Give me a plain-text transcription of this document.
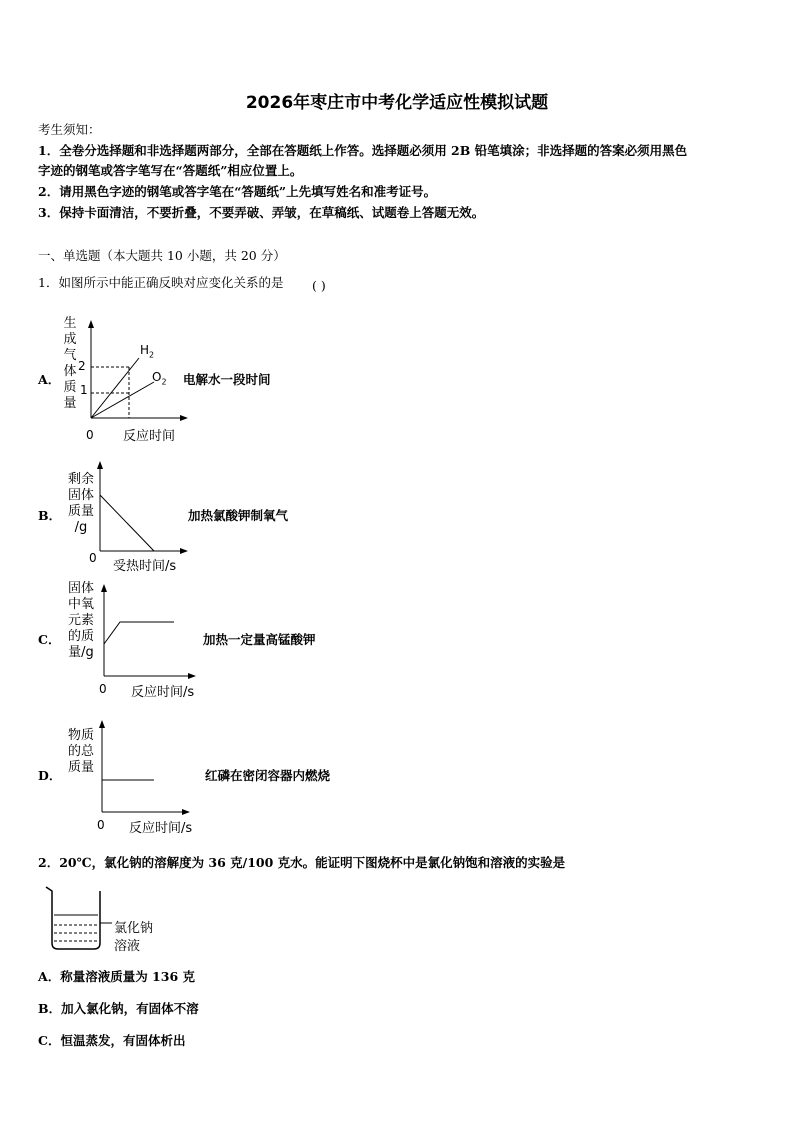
2026年枣庄市中考化学适应性模拟试题
考生须知：
1．全卷分选择题和非选择题两部分，全部在答题纸上作答。选择题必须用 2B 铅笔填涂；非选择题的答案必须用黑色
字迹的钢笔或答字笔写在“答题纸”相应位置上。
2．请用黑色字迹的钢笔或答字笔在“答题纸”上先填写姓名和准考证号。
3．保持卡面清洁，不要折叠，不要弄破、弄皱，在草稿纸、试题卷上答题无效。
一、单选题（本大题共 10 小题，共 20 分）
1．如图所示中能正确反映对应变化关系的是 ( )
A．
生
成
气
体
质
量
2
1
$H_2$
$O_2$
0 反应时间
电解水一段时间
B．
剩余
固体
质量
/g
0
受热时间/s
加热氯酸钾制氧气
C．
固体
中氧
元素
的质
量/g
0 反应时间/s
加热一定量高锰酸钾
D．
物质
的总
质量
0 反应时间/s
红磷在密闭容器内燃烧
2．20℃，氯化钠的溶解度为 36 克/100 克水。能证明下图烧杯中是氯化钠饱和溶液的实验是
氯化钠
溶液
A．称量溶液质量为 136 克
B．加入氯化钠，有固体不溶
C．恒温蒸发，有固体析出
